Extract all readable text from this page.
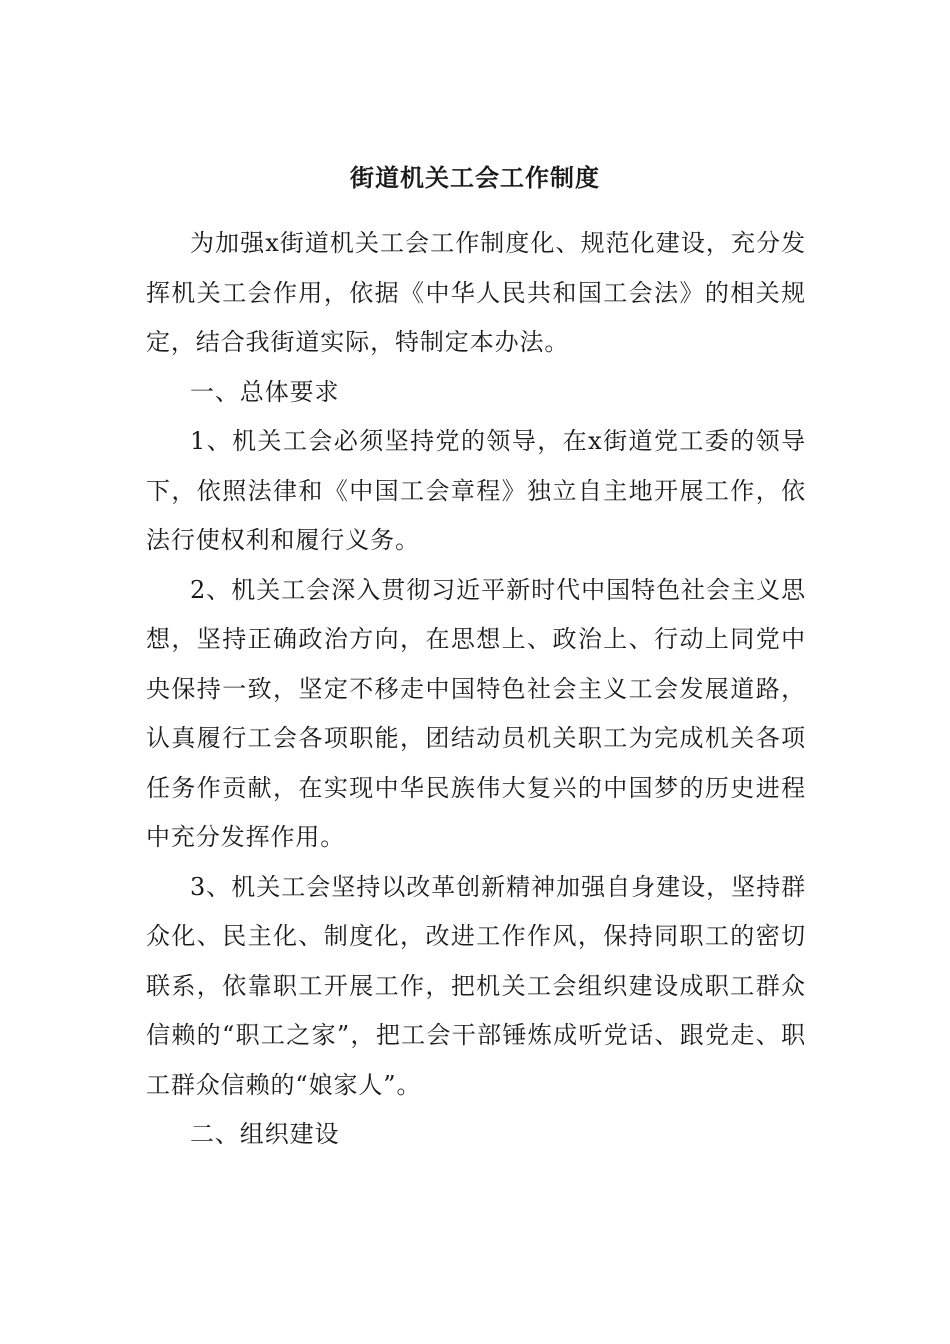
街道机关工会工作制度

为加强x街道机关工会工作制度化、规范化建设，充分发挥机关工会作用，依据《中华人民共和国工会法》的相关规定，结合我街道实际，特制定本办法。

一、总体要求

1、机关工会必须坚持党的领导，在x街道党工委的领导下，依照法律和《中国工会章程》独立自主地开展工作，依法行使权利和履行义务。

2、机关工会深入贯彻习近平新时代中国特色社会主义思想，坚持正确政治方向，在思想上、政治上、行动上同党中央保持一致，坚定不移走中国特色社会主义工会发展道路，认真履行工会各项职能，团结动员机关职工为完成机关各项任务作贡献，在实现中华民族伟大复兴的中国梦的历史进程中充分发挥作用。

3、机关工会坚持以改革创新精神加强自身建设，坚持群众化、民主化、制度化，改进工作作风，保持同职工的密切联系，依靠职工开展工作，把机关工会组织建设成职工群众信赖的“职工之家”，把工会干部锤炼成听党话、跟党走、职工群众信赖的“娘家人”。

二、组织建设
